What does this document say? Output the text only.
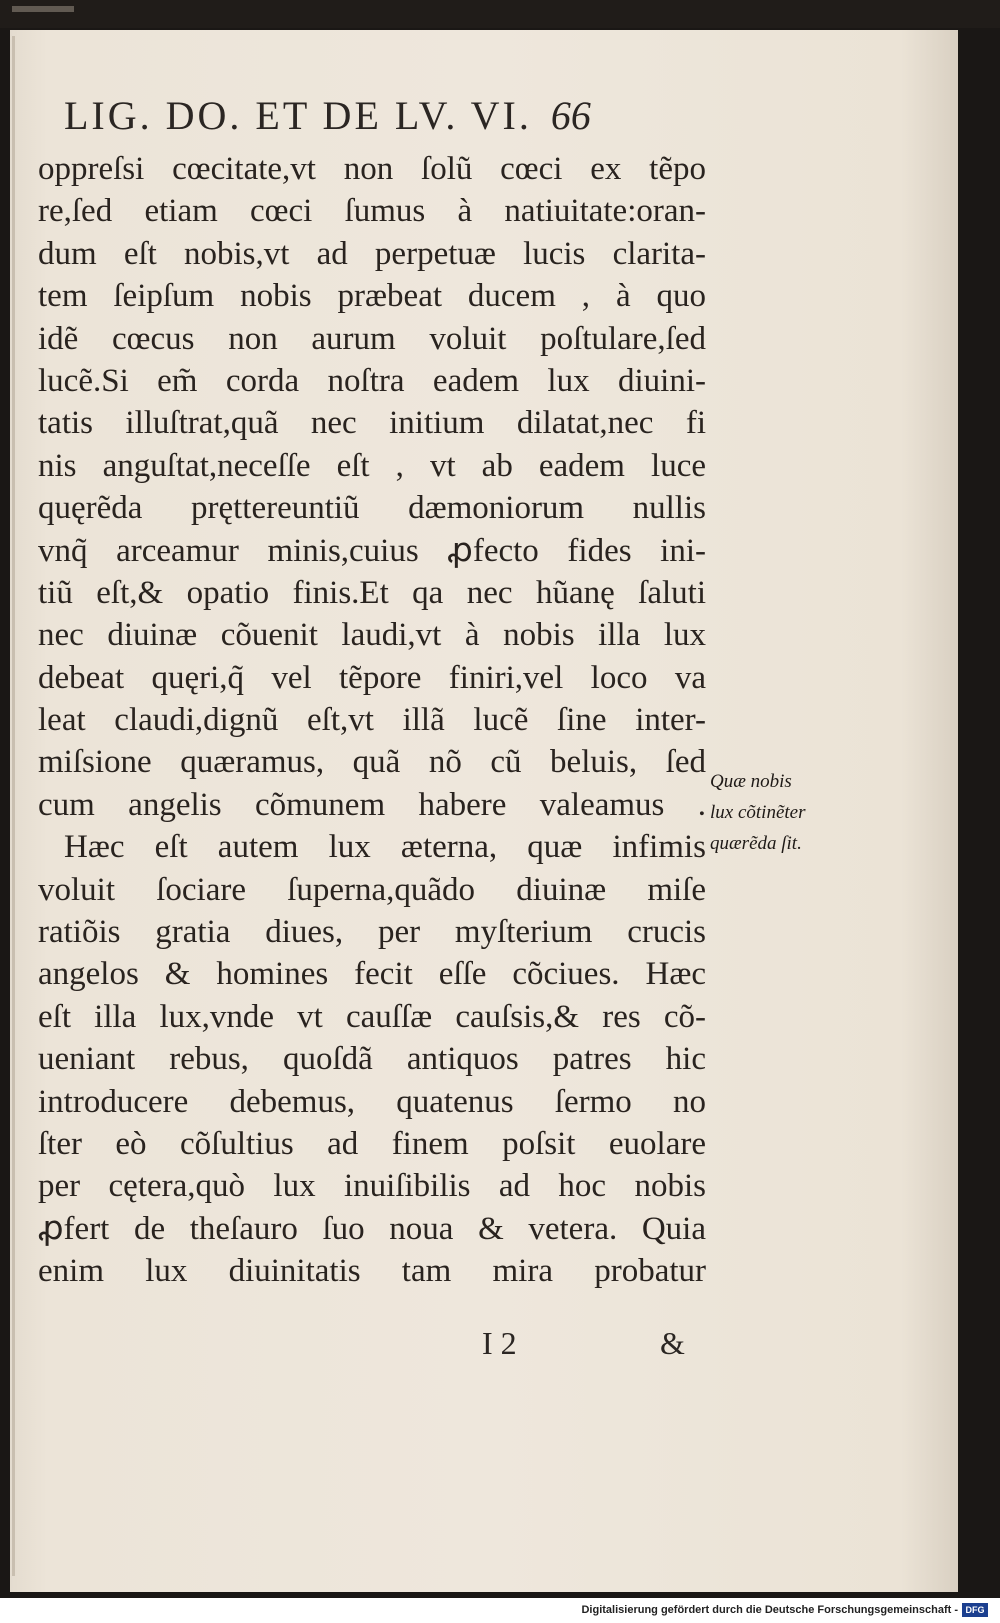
LIG. DO. ET DE LV. VI. 66
oppreſsi cœcitate,vt non ſolũ cœci ex tẽpo
re,ſed etiam cœci ſumus à natiuitate:oran-
dum eſt nobis,vt ad perpetuæ lucis clarita-
tem ſeipſum nobis præbeat ducem , à quo
idẽ cœcus non aurum voluit poſtulare,ſed
lucẽ.Si em̃ corda noſtra eadem lux diuini-
tatis illuſtrat,quã nec initium dilatat,nec fi
nis anguſtat,neceſſe eſt , vt ab eadem luce
quęrẽda pręttereuntiũ dæmoniorum nullis
vnq̃ arceamur minis,cuius ꝓfecto fides ini-
tiũ eſt,& opatio finis.Et qa nec hũanę ſaluti
nec diuinæ cõuenit laudi,vt à nobis illa lux
debeat quęri,q̃ vel tẽpore finiri,vel loco va
leat claudi,dignũ eſt,vt illã lucẽ ſine inter-
miſsione quæramus, quã nõ cũ beluis, ſed
cum angelis cõmunem habere valeamus .
Hæc eſt autem lux æterna, quæ infimis
voluit ſociare ſuperna,quãdo diuinæ miſe
ratiõis gratia diues, per myſterium crucis
angelos & homines fecit eſſe cõciues. Hæc
eſt illa lux,vnde vt cauſſæ cauſsis,& res cõ-
ueniant rebus, quoſdã antiquos patres hic
introducere debemus, quatenus ſermo no
ſter eò cõſultius ad finem poſsit euolare
per cętera,quò lux inuiſibilis ad hoc nobis
ꝓfert de theſauro ſuo noua & vetera. Quia
enim lux diuinitatis tam mira probatur
Quæ nobis
lux cõtinẽter
quærẽda ſit.
I 2	&
Digitalisierung gefördert durch die Deutsche Forschungsgemeinschaft - DFG
